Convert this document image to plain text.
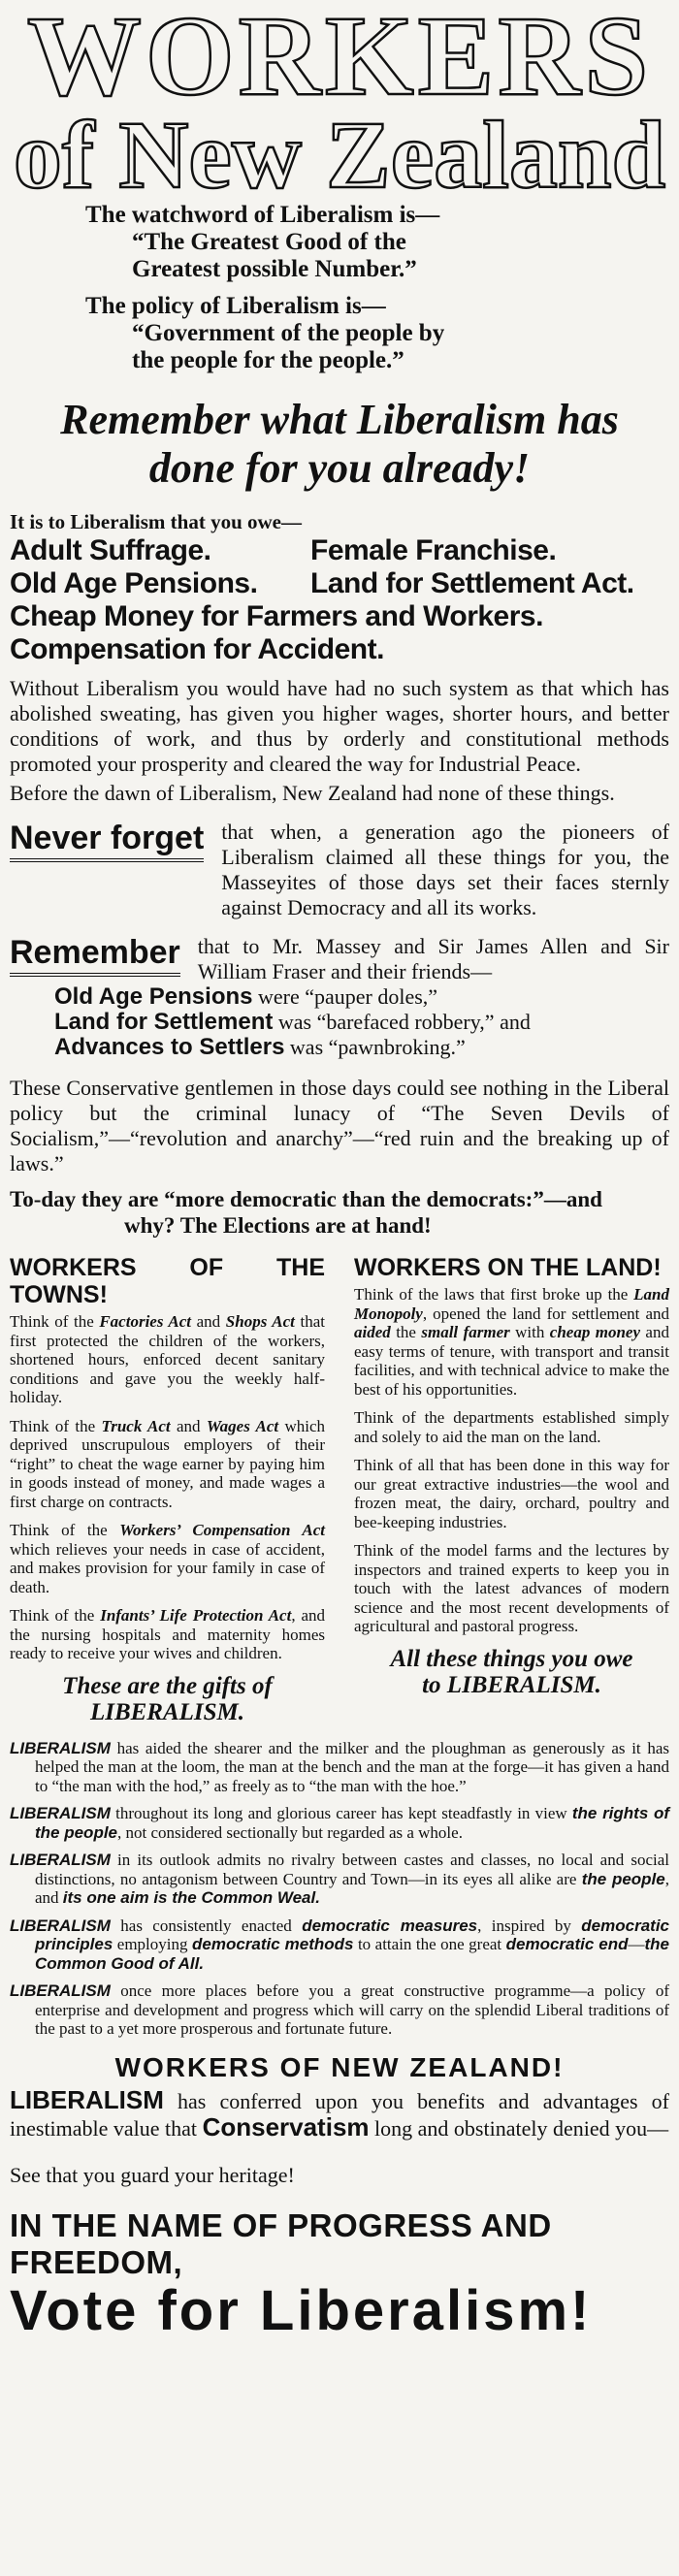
WORKERS
of New Zealand

The watchword of Liberalism is—

“The Greatest Good of the

Greatest possible Number.”

The policy of Liberalism is—

“Government of the people by

the people for the people.”

Remember what Liberalism has
done for you already!
It is to Liberalism that you owe—
Adult Suffrage.	Female Franchise.
Old Age Pensions.	Land for Settlement Act.
Cheap Money for Farmers and Workers.
Compensation for Accident.

Without Liberalism you would have had no such system as that which has abolished sweating, has given you higher wages, shorter hours, and better conditions of work, and thus by orderly and constitutional methods promoted your prosperity and cleared the way for Industrial Peace.

Before the dawn of Liberalism, New Zealand had none of these things.

Never forget that when, a generation ago the pioneers of Liberalism claimed all these things for you, the Masseyites of those days set their faces sternly against Democracy and all its works.
Remember that to Mr. Massey and Sir James Allen and Sir William Fraser and their friends—
Old Age Pensions were “pauper doles,”
Land for Settlement was “barefaced robbery,” and
Advances to Settlers was “pawnbroking.”

These Conservative gentlemen in those days could see nothing in the Liberal policy but the criminal lunacy of “The Seven Devils of Socialism,”—“revolution and anarchy”—“red ruin and the breaking up of laws.”

To-day they are “more democratic than the democrats:”—and
why? The Elections are at hand!
WORKERS OF THE TOWNS!

Think of the Factories Act and Shops Act that first protected the children of the workers, shortened hours, enforced decent sanitary conditions and gave you the weekly half-holiday.

Think of the Truck Act and Wages Act which deprived unscrupulous employers of their “right” to cheat the wage earner by paying him in goods instead of money, and made wages a first charge on contracts.

Think of the Workers’ Compensation Act which relieves your needs in case of accident, and makes provision for your family in case of death.

Think of the Infants’ Life Protection Act, and the nursing hospitals and maternity homes ready to receive your wives and children.

These are the gifts of
LIBERALISM.
WORKERS ON THE LAND!

Think of the laws that first broke up the Land Monopoly, opened the land for settlement and aided the small farmer with cheap money and easy terms of tenure, with transport and transit facilities, and with technical advice to make the best of his opportunities.

Think of the departments established simply and solely to aid the man on the land.

Think of all that has been done in this way for our great extractive industries—the wool and frozen meat, the dairy, orchard, poultry and bee-keeping industries.

Think of the model farms and the lectures by inspectors and trained experts to keep you in touch with the latest advances of modern science and the most recent developments of agricultural and pastoral progress.

All these things you owe
to LIBERALISM.

LIBERALISM has aided the shearer and the milker and the ploughman as generously as it has helped the man at the loom, the man at the bench and the man at the forge—it has given a hand to “the man with the hod,” as freely as to “the man with the hoe.”

LIBERALISM throughout its long and glorious career has kept steadfastly in view the rights of the people, not considered sectionally but regarded as a whole.

LIBERALISM in its outlook admits no rivalry between castes and classes, no local and social distinctions, no antagonism between Country and Town—in its eyes all alike are the people, and its one aim is the Common Weal.

LIBERALISM has consistently enacted democratic measures, inspired by democratic principles employing democratic methods to attain the one great democratic end—the Common Good of All.

LIBERALISM once more places before you a great constructive programme—a policy of enterprise and development and progress which will carry on the splendid Liberal traditions of the past to a yet more prosperous and fortunate future.

WORKERS OF NEW ZEALAND!

LIBERALISM has conferred upon you benefits and advantages of inestimable value that Conservatism long and obstinately denied you—

See that you guard your heritage!
IN THE NAME OF PROGRESS AND FREEDOM,
Vote for Liberalism!
